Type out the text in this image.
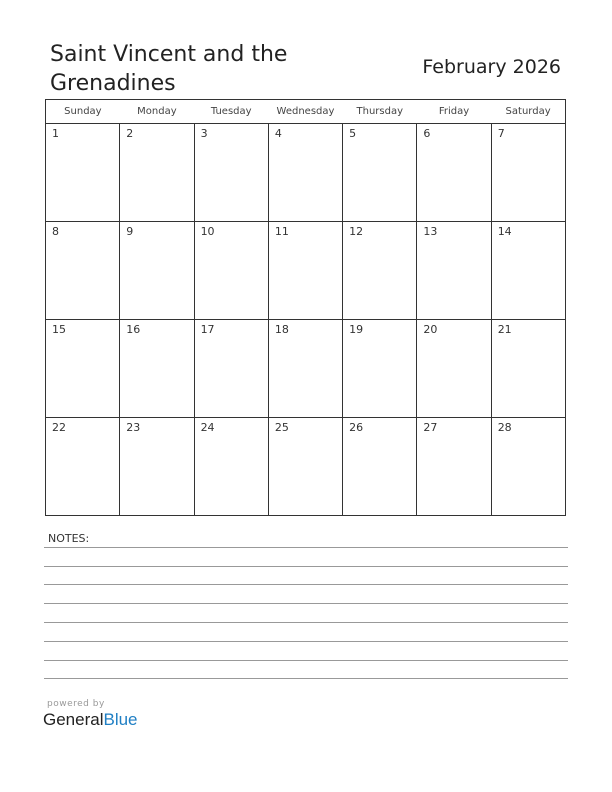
Saint Vincent and the Grenadines
February 2026
Sunday	Monday	Tuesday	Wednesday	Thursday	Friday	Saturday
1	2	3	4	5	6	7
8	9	10	11	12	13	14
15	16	17	18	19	20	21
22	23	24	25	26	27	28
NOTES:
powered by
GeneralBlue
